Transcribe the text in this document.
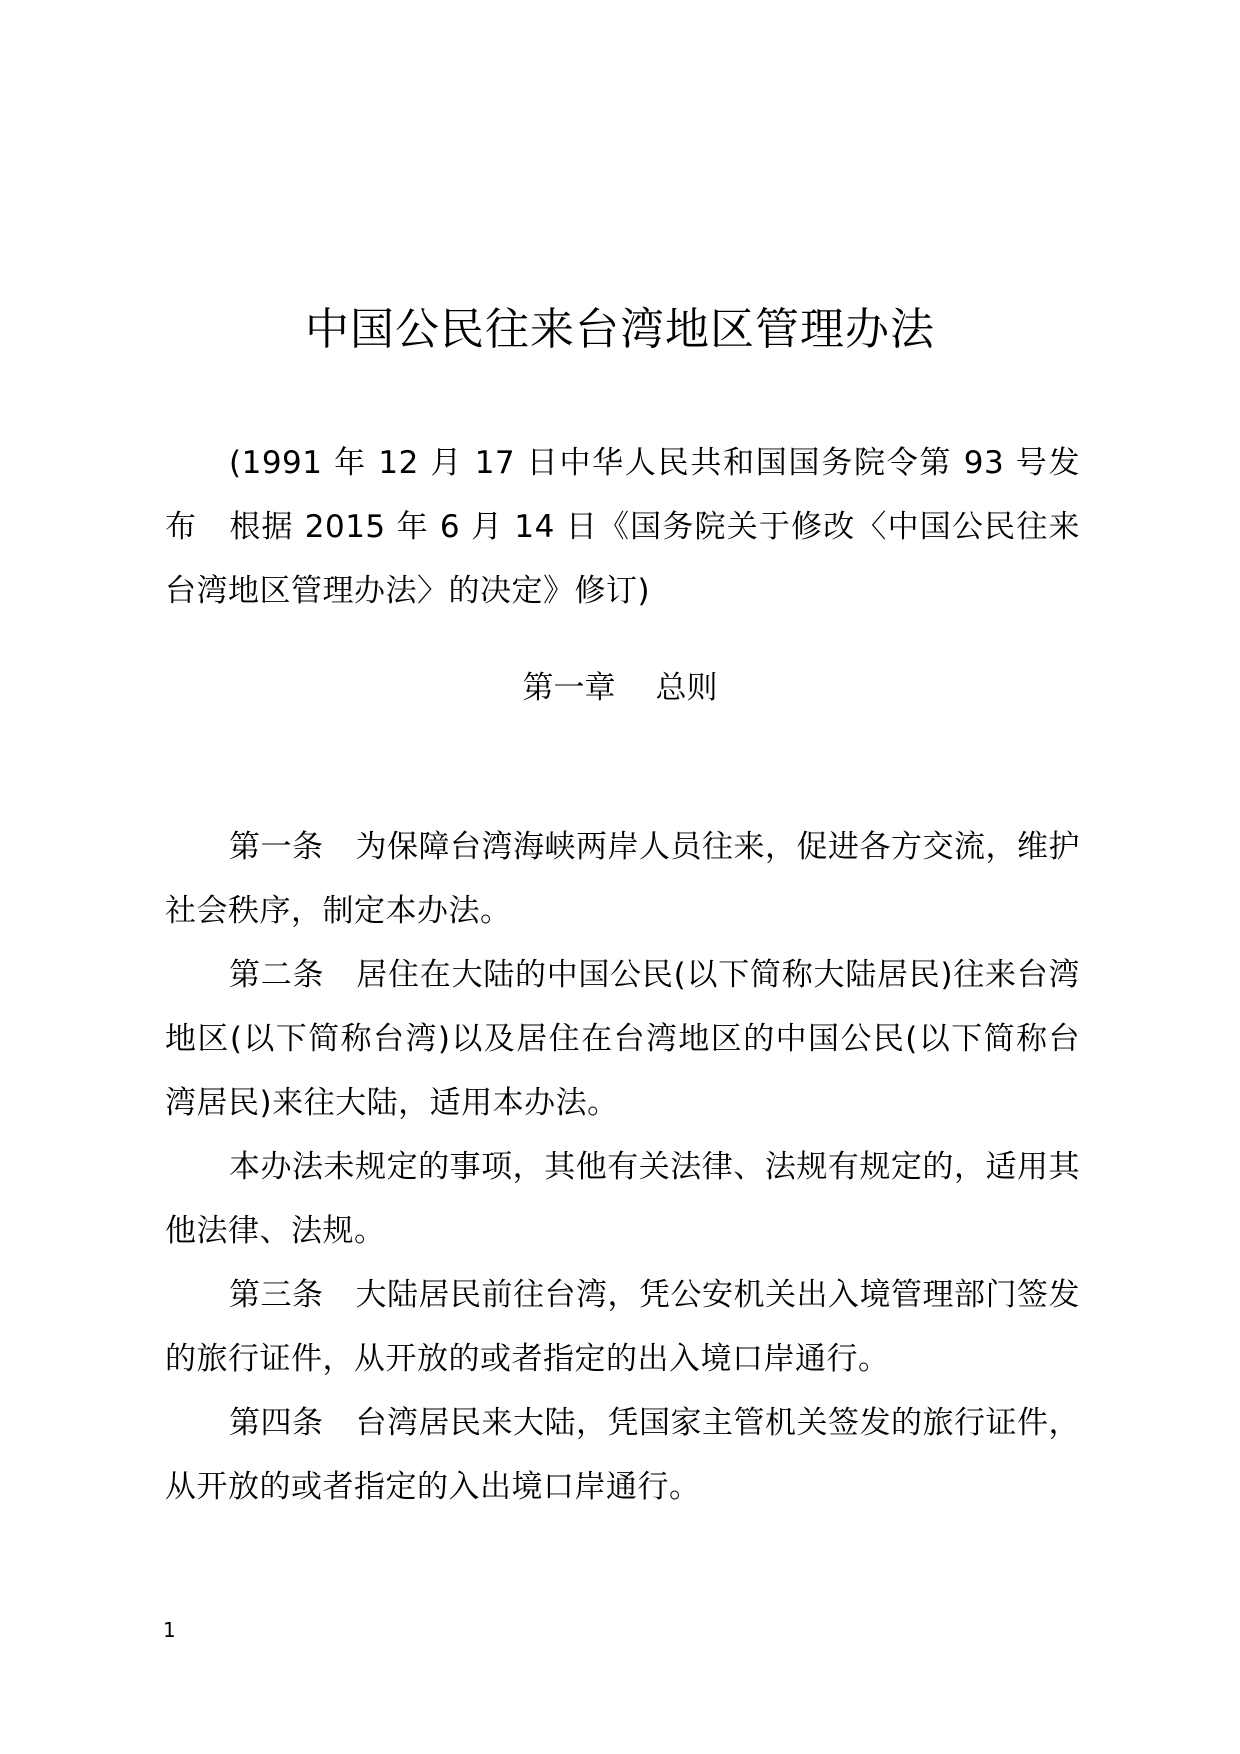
中国公民往来台湾地区管理办法

(1991 年 12 月 17 日中华人民共和国国务院令第 93 号发布　根据 2015 年 6 月 14 日《国务院关于修改〈中国公民往来台湾地区管理办法〉的决定》修订)

第一章 总则

第一条 为保障台湾海峡两岸人员往来，促进各方交流，维护社会秩序，制定本办法。

第二条 居住在大陆的中国公民(以下简称大陆居民)往来台湾地区(以下简称台湾)以及居住在台湾地区的中国公民(以下简称台湾居民)来往大陆，适用本办法。

本办法未规定的事项，其他有关法律、法规有规定的，适用其他法律、法规。

第三条 大陆居民前往台湾，凭公安机关出入境管理部门签发的旅行证件，从开放的或者指定的出入境口岸通行。

第四条 台湾居民来大陆，凭国家主管机关签发的旅行证件，从开放的或者指定的入出境口岸通行。

1
